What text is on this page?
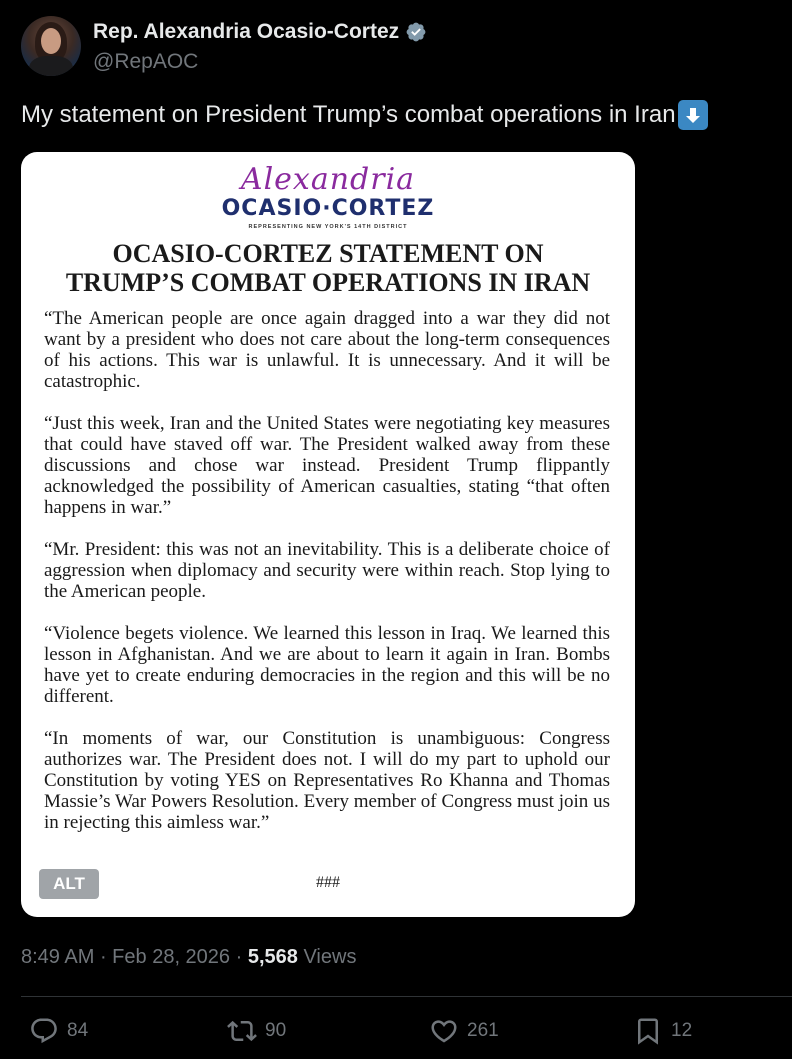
Rep. Alexandria Ocasio-Cortez
@RepAOC
My statement on President Trump’s combat operations in Iran
Alexandria
OCASIO·CORTEZ
REPRESENTING NEW YORK'S 14TH DISTRICT
OCASIO-CORTEZ STATEMENT ON
TRUMP’S COMBAT OPERATIONS IN IRAN

“The American people are once again dragged into a war they did not want by a president who does not care about the long-term consequences of his actions. This war is unlawful. It is unnecessary. And it will be catastrophic.

“Just this week, Iran and the United States were negotiating key measures that could have staved off war. The President walked away from these discussions and chose war instead. President Trump flippantly acknowledged the possibility of American casualties, stating “that often happens in war.”

“Mr. President: this was not an inevitability. This is a deliberate choice of aggression when diplomacy and security were within reach. Stop lying to the American people.

“Violence begets violence. We learned this lesson in Iraq. We learned this lesson in Afghanistan. And we are about to learn it again in Iran. Bombs have yet to create enduring democracies in the region and this will be no different.

“In moments of war, our Constitution is unambiguous: Congress authorizes war. The President does not. I will do my part to uphold our Constitution by voting YES on Representatives Ro Khanna and Thomas Massie’s War Powers Resolution. Every member of Congress must join us in rejecting this aimless war.”

###
ALT
8:49 AM · Feb 28, 2026 · 5,568 Views
84	90	261	12
